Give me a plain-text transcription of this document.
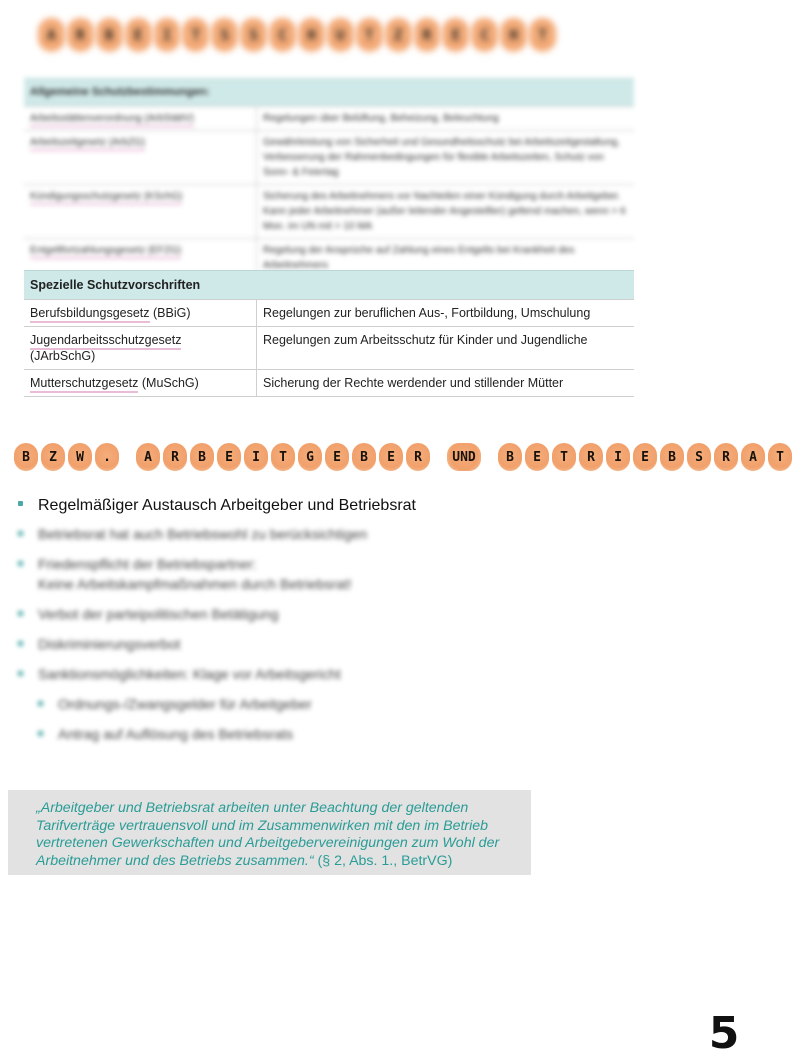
A	R	B	E	I	T	S	S	C	H	U	T	Z	R	E	C	H	T
Allgemeine Schutzbestimmungen:	
Arbeitsstättenverordnung (ArbStättV)	Regelungen über Belüftung, Beheizung, Beleuchtung
Arbeitszeitgesetz (ArbZG)	Gewährleistung von Sicherheit und Gesundheitsschutz bei Arbeitszeitgestaltung, Verbesserung der Rahmenbedingungen für flexible Arbeitszeiten, Schutz von Sonn- & Feiertag
Kündigungsschutzgesetz (KSchG)	Sicherung des Arbeitnehmers vor Nachteilen einer Kündigung durch Arbeitgeber. Kann jeder Arbeitnehmer (außer leitender Angestellter) geltend machen, wenn > 6 Mon. im UN mit > 10 MA
Entgeltfortzahlungsgesetz (EFZG)	Regelung der Ansprüche auf Zahlung eines Entgelts bei Krankheit des Arbeitnehmers
Spezielle Schutzvorschriften	
Berufsbildungsgesetz (BBiG)	Regelungen zur beruflichen Aus-, Fortbildung, Umschulung
Jugendarbeitsschutzgesetz (JArbSchG)	Regelungen zum Arbeitsschutz für Kinder und Jugendliche
Mutterschutzgesetz (MuSchG)	Sicherung der Rechte werdender und stillender Mütter
B	Z	W	.	A	R	B	E	I	T	G	E	B	E	R	UND	B	E	T	R	I	E	B	S	R	A	T
Regelmäßiger Austausch Arbeitgeber und Betriebsrat
Betriebsrat hat auch Betriebswohl zu berücksichtigen
Friedenspflicht der Betriebspartner:
Keine Arbeitskampfmaßnahmen durch Betriebsrat!
Verbot der parteipolitischen Betätigung
Diskriminierungsverbot
Sanktionsmöglichkeiten: Klage vor Arbeitsgericht
Ordnungs-/Zwangsgelder für Arbeitgeber
Antrag auf Auflösung des Betriebsrats
„Arbeitgeber und Betriebsrat arbeiten unter Beachtung der geltenden Tarifverträge vertrauensvoll und im Zusammenwirken mit den im Betrieb vertretenen Gewerkschaften und Arbeitgebervereinigungen zum Wohl der Arbeitnehmer und des Betriebs zusammen.“ (§ 2, Abs. 1., BetrVG)
5
